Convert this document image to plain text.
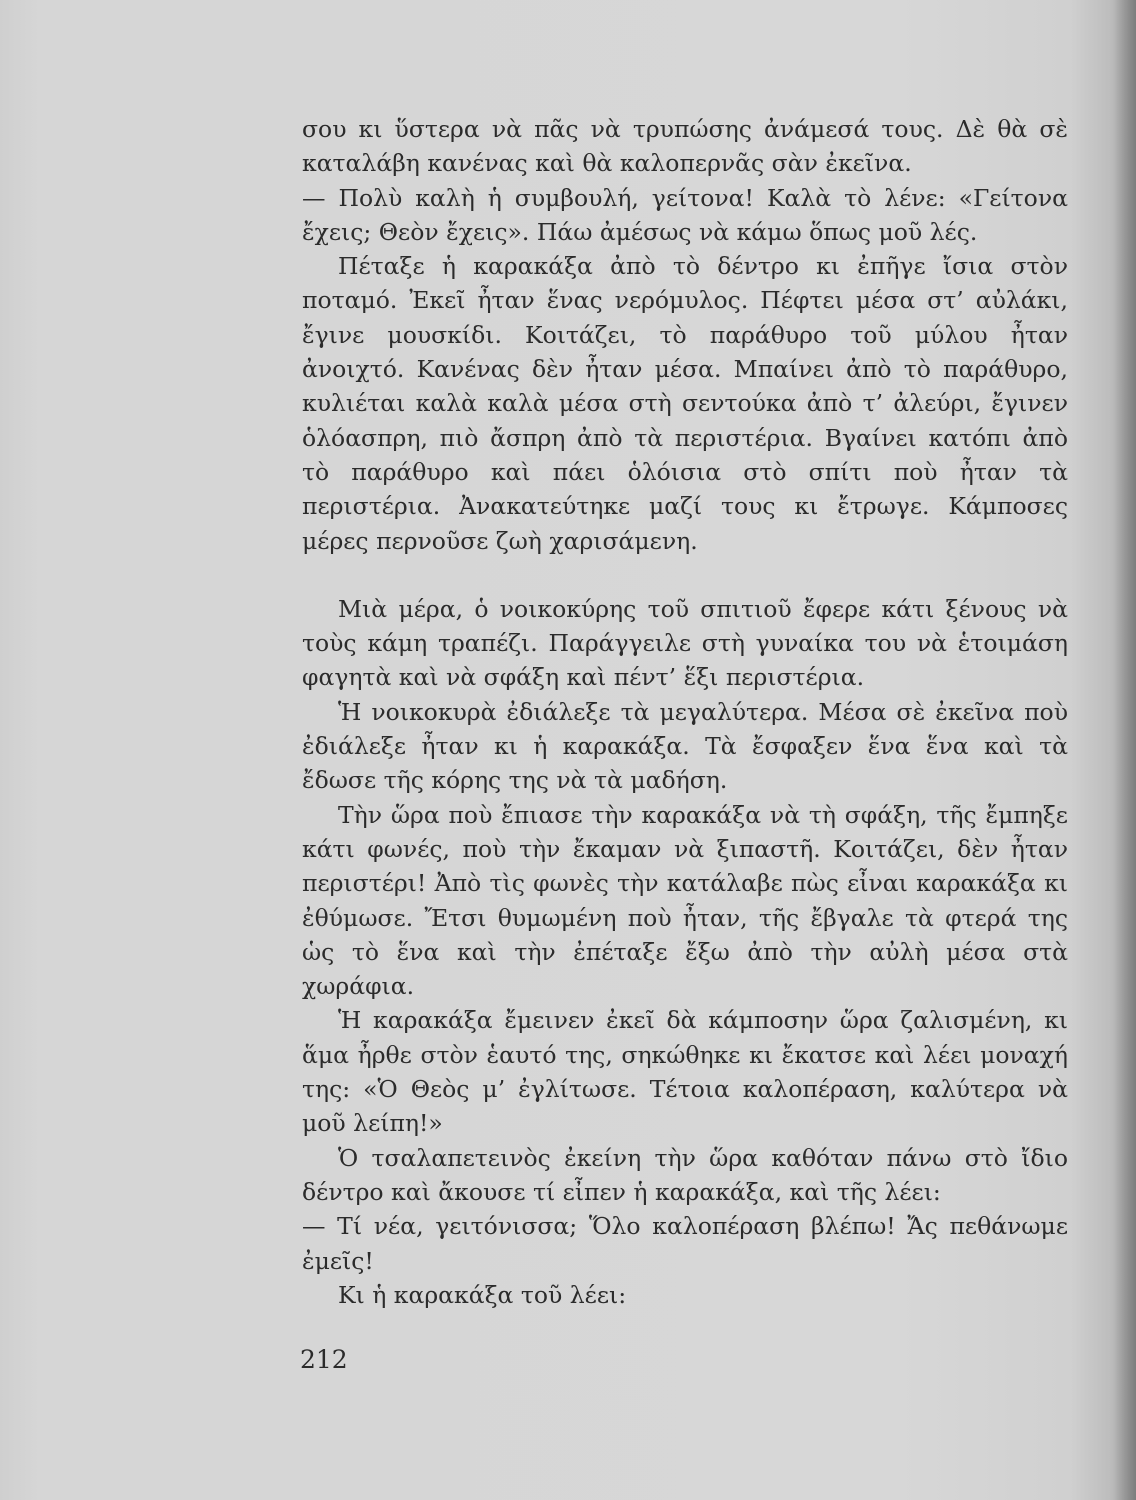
σου κι ὕστερα νὰ πᾶς νὰ τρυπώσης ἀνάμεσά τους. Δὲ θὰ σὲ καταλάβη κανένας καὶ θὰ καλοπερνᾶς σὰν ἐκεῖνα.

— Πολὺ καλὴ ἡ συμβουλή, γείτονα! Καλὰ τὸ λένε: «Γείτονα ἔχεις; Θεὸν ἔχεις». Πάω ἀμέσως νὰ κάμω ὅπως μοῦ λές.

Πέταξε ἡ καρακάξα ἀπὸ τὸ δέντρο κι ἐπῆγε ἴσια στὸν ποταμό. Ἐκεῖ ἦταν ἕνας νερόμυλος. Πέφτει μέσα στ’ αὐλάκι, ἔγινε μουσκίδι. Κοιτάζει, τὸ παράθυρο τοῦ μύλου ἦταν ἀνοιχτό. Κανένας δὲν ἦταν μέσα. Μπαίνει ἀπὸ τὸ παράθυρο, κυλιέται καλὰ καλὰ μέσα στὴ σεντούκα ἀπὸ τ’ ἀλεύρι, ἔγινεν ὁλόασπρη, πιὸ ἄσπρη ἀπὸ τὰ περιστέρια. Βγαίνει κατόπι ἀπὸ τὸ παράθυρο καὶ πάει ὁλόισια στὸ σπίτι ποὺ ἦταν τὰ περιστέρια. Ἀνακατεύτηκε μαζί τους κι ἔτρωγε. Κάμποσες μέρες περνοῦσε ζωὴ χαρισάμενη.

Μιὰ μέρα, ὁ νοικοκύρης τοῦ σπιτιοῦ ἔφερε κάτι ξένους νὰ τοὺς κάμη τραπέζι. Παράγγειλε στὴ γυναίκα του νὰ ἑτοιμάση φαγητὰ καὶ νὰ σφάξη καὶ πέντ’ ἕξι περιστέρια.

Ἡ νοικοκυρὰ ἐδιάλεξε τὰ μεγαλύτερα. Μέσα σὲ ἐκεῖνα ποὺ ἐδιάλεξε ἦταν κι ἡ καρακάξα. Τὰ ἔσφαξεν ἕνα ἕνα καὶ τὰ ἔδωσε τῆς κόρης της νὰ τὰ μαδήση.

Τὴν ὥρα ποὺ ἔπιασε τὴν καρακάξα νὰ τὴ σφάξη, τῆς ἔμπηξε κάτι φωνές, ποὺ τὴν ἔκαμαν νὰ ξιπαστῆ. Κοιτάζει, δὲν ἦταν περιστέρι! Ἀπὸ τὶς φωνὲς τὴν κατάλαβε πὼς εἶναι καρακάξα κι ἐθύμωσε. Ἔτσι θυμωμένη ποὺ ἦταν, τῆς ἔβγαλε τὰ φτερά της ὡς τὸ ἕνα καὶ τὴν ἐπέταξε ἔξω ἀπὸ τὴν αὐλὴ μέσα στὰ χωράφια.

Ἡ καρακάξα ἔμεινεν ἐκεῖ δὰ κάμποσην ὥρα ζαλισμένη, κι ἅμα ἦρθε στὸν ἑαυτό της, σηκώθηκε κι ἔκατσε καὶ λέει μοναχή της: «Ὁ Θεὸς μ’ ἐγλίτωσε. Τέτοια καλοπέραση, καλύτερα νὰ μοῦ λείπη!»

Ὁ τσαλαπετεινὸς ἐκείνη τὴν ὥρα καθόταν πάνω στὸ ἴδιο δέντρο καὶ ἄκουσε τί εἶπεν ἡ καρακάξα, καὶ τῆς λέει:

— Τί νέα, γειτόνισσα; Ὅλο καλοπέραση βλέπω! Ἄς πεθάνωμε ἐμεῖς!

Κι ἡ καρακάξα τοῦ λέει:

212
